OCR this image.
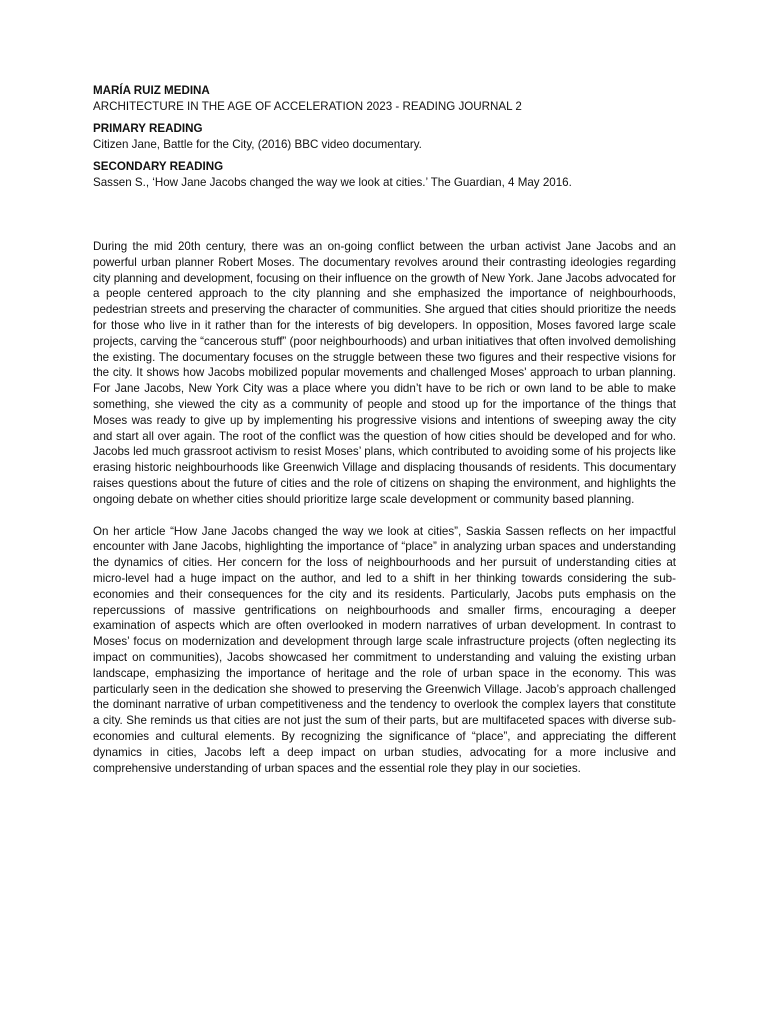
MARÍA RUIZ MEDINA
ARCHITECTURE IN THE AGE OF ACCELERATION 2023 - READING JOURNAL 2
PRIMARY READING
Citizen Jane, Battle for the City, (2016) BBC video documentary.
SECONDARY READING
Sassen S., ‘How Jane Jacobs changed the way we look at cities.’ The Guardian, 4 May 2016.

During the mid 20th century, there was an on-going conflict between the urban activist Jane Jacobs and an powerful urban planner Robert Moses. The documentary revolves around their contrasting ideologies regarding city planning and development, focusing on their influence on the growth of New York. Jane Jacobs advocated for a people centered approach to the city planning and she emphasized the importance of neighbourhoods, pedestrian streets and preserving the character of communities. She argued that cities should prioritize the needs for those who live in it rather than for the interests of big developers. In opposition, Moses favored large scale projects, carving the “cancerous stuff” (poor neighbourhoods) and urban initiatives that often involved demolishing the existing. The documentary focuses on the struggle between these two figures and their respective visions for the city. It shows how Jacobs mobilized popular movements and challenged Moses' approach to urban planning. For Jane Jacobs, New York City was a place where you didn’t have to be rich or own land to be able to make something, she viewed the city as a community of people and stood up for the importance of the things that Moses was ready to give up by implementing his progressive visions and intentions of sweeping away the city and start all over again. The root of the conflict was the question of how cities should be developed and for who. Jacobs led much grassroot activism to resist Moses’ plans, which contributed to avoiding some of his projects like erasing historic neighbourhoods like Greenwich Village and displacing thousands of residents. This documentary raises questions about the future of cities and the role of citizens on shaping the environment, and highlights the ongoing debate on whether cities should prioritize large scale development or community based planning.

On her article “How Jane Jacobs changed the way we look at cities”, Saskia Sassen reflects on her impactful encounter with Jane Jacobs, highlighting the importance of “place” in analyzing urban spaces and understanding the dynamics of cities. Her concern for the loss of neighbourhoods and her pursuit of understanding cities at micro-level had a huge impact on the author, and led to a shift in her thinking towards considering the sub-economies and their consequences for the city and its residents. Particularly, Jacobs puts emphasis on the repercussions of massive gentrifications on neighbourhoods and smaller firms, encouraging a deeper examination of aspects which are often overlooked in modern narratives of urban development. In contrast to Moses’ focus on modernization and development through large scale infrastructure projects (often neglecting its impact on communities), Jacobs showcased her commitment to understanding and valuing the existing urban landscape, emphasizing the importance of heritage and the role of urban space in the economy. This was particularly seen in the dedication she showed to preserving the Greenwich Village. Jacob’s approach challenged the dominant narrative of urban competitiveness and the tendency to overlook the complex layers that constitute a city. She reminds us that cities are not just the sum of their parts, but are multifaceted spaces with diverse sub-economies and cultural elements. By recognizing the significance of “place”, and appreciating the different dynamics in cities, Jacobs left a deep impact on urban studies, advocating for a more inclusive and comprehensive understanding of urban spaces and the essential role they play in our societies.
